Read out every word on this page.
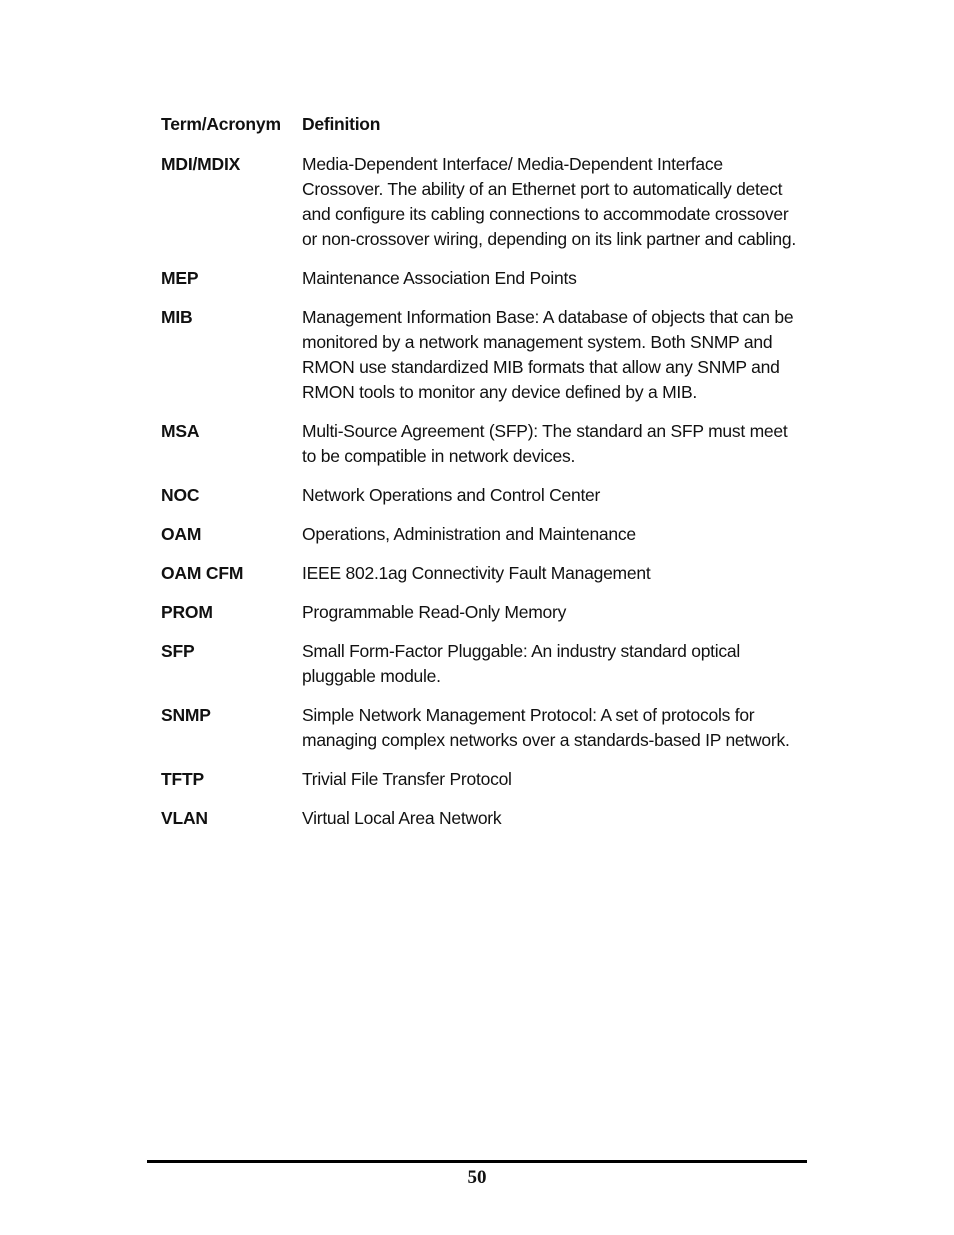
Term/Acronym	Definition
MDI/MDIX	Media-Dependent Interface/ Media-Dependent Interface Crossover. The ability of an Ethernet port to automatically detect and configure its cabling connections to accommodate crossover or non-crossover wiring, depending on its link partner and cabling.
MEP	Maintenance Association End Points
MIB	Management Information Base: A database of objects that can be monitored by a network management system. Both SNMP and RMON use standardized MIB formats that allow any SNMP and RMON tools to monitor any device defined by a MIB.
MSA	Multi-Source Agreement (SFP): The standard an SFP must meet to be compatible in network devices.
NOC	Network Operations and Control Center
OAM	Operations, Administration and Maintenance
OAM CFM	IEEE 802.1ag Connectivity Fault Management
PROM	Programmable Read-Only Memory
SFP	Small Form-Factor Pluggable: An industry standard optical pluggable module.
SNMP	Simple Network Management Protocol: A set of protocols for managing complex networks over a standards-based IP network.
TFTP	Trivial File Transfer Protocol
VLAN	Virtual Local Area Network
50
